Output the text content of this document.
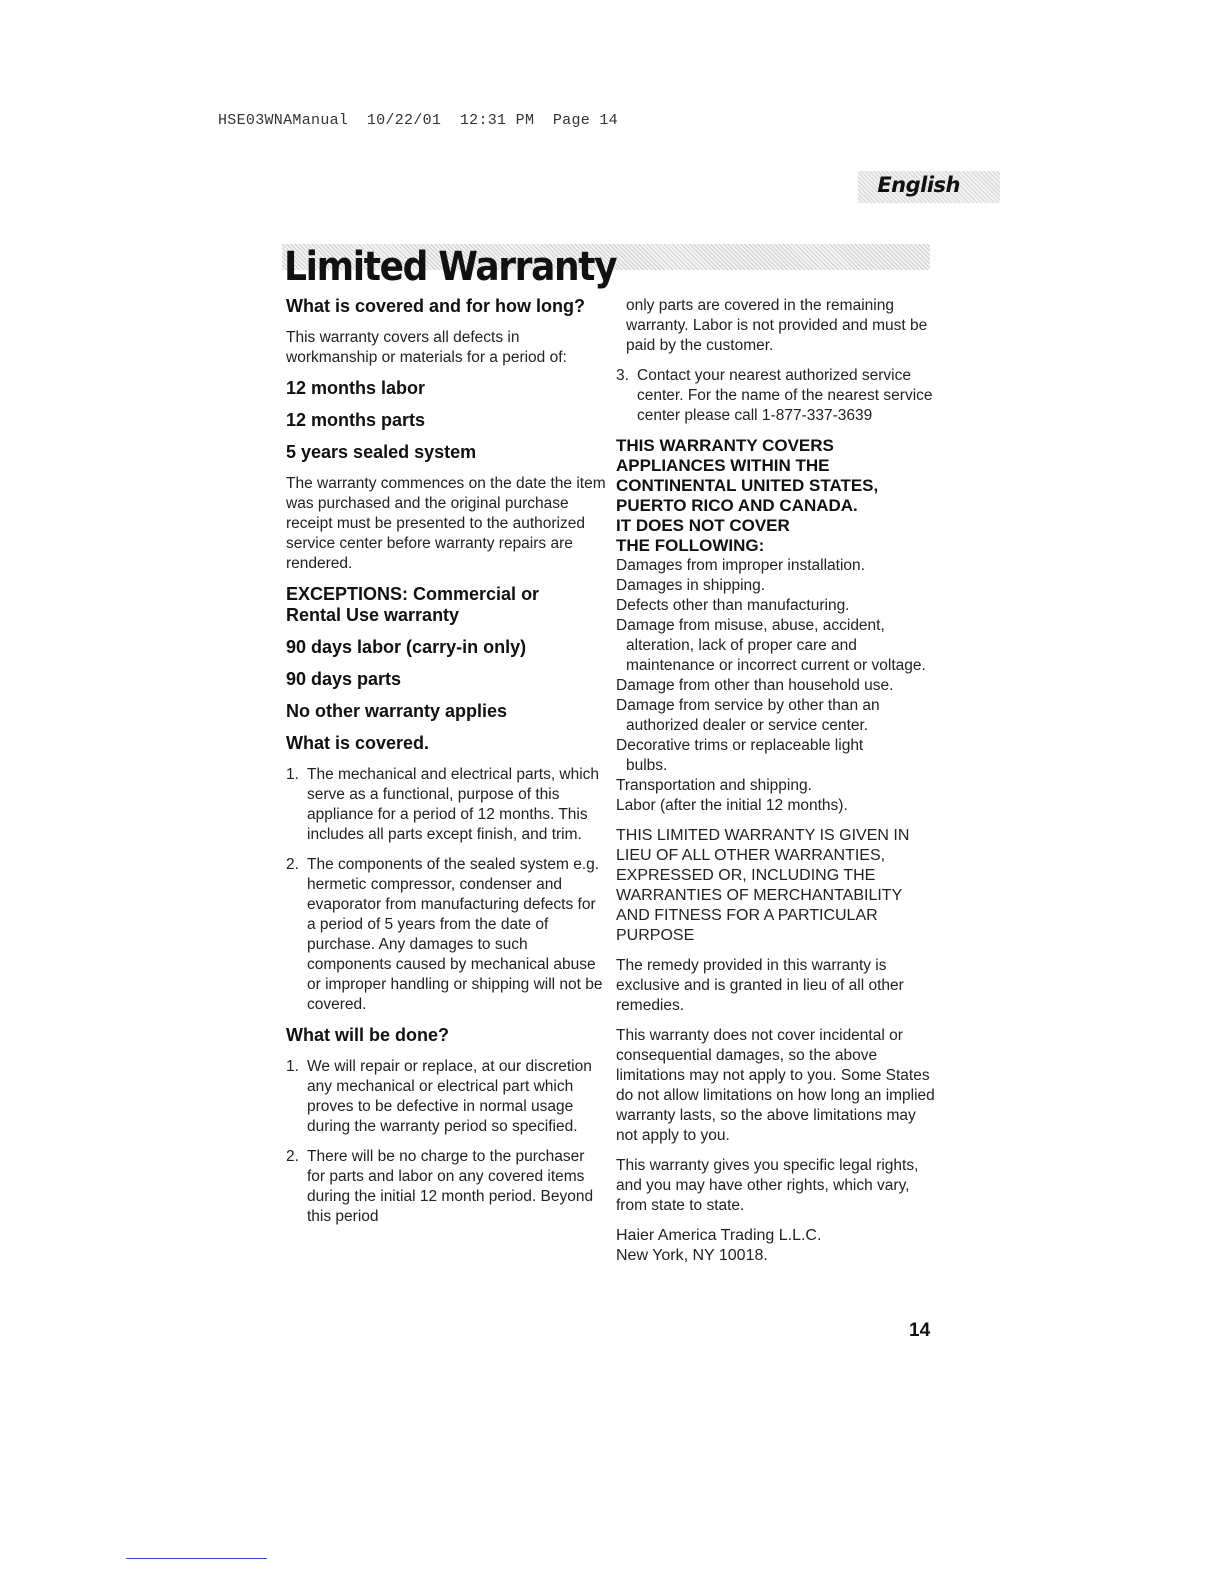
HSE03WNAManual  10/22/01  12:31 PM  Page 14
English
Limited Warranty
What is covered and for how long?
This warranty covers all defects in workmanship or materials for a period of:
12 months labor
12 months parts
5 years sealed system
The warranty commences on the date the item was purchased and the original purchase receipt must be presented to the authorized service center before warranty repairs are rendered.
EXCEPTIONS: Commercial or Rental Use warranty
90 days labor (carry-in only)
90 days parts
No other warranty applies
What is covered.
1. The mechanical and electrical parts, which serve as a functional, purpose of this appliance for a period of 12 months. This includes all parts except finish, and trim.
2. The components of the sealed system e.g. hermetic compressor, condenser and evaporator from manufacturing defects for a period of 5 years from the date of purchase. Any damages to such components caused by mechanical abuse or improper handling or shipping will not be covered.
What will be done?
1. We will repair or replace, at our discretion any mechanical or electrical part which proves to be defective in normal usage during the warranty period so specified.
2. There will be no charge to the purchaser for parts and labor on any covered items during the initial 12 month period. Beyond this period
only parts are covered in the remaining warranty. Labor is not provided and must be paid by the customer.
3. Contact your nearest authorized service center. For the name of the nearest service center please call 1-877-337-3639
THIS WARRANTY COVERS APPLIANCES WITHIN THE CONTINENTAL UNITED STATES, PUERTO RICO AND CANADA.
IT DOES NOT COVER THE FOLLOWING:
Damages from improper installation.
Damages in shipping.
Defects other than manufacturing.
Damage from misuse, abuse, accident, alteration, lack of proper care and maintenance or incorrect current or voltage.
Damage from other than household use.
Damage from service by other than an authorized dealer or service center.
Decorative trims or replaceable light bulbs.
Transportation and shipping.
Labor (after the initial 12 months).
THIS LIMITED WARRANTY IS GIVEN IN LIEU OF ALL OTHER WARRANTIES, EXPRESSED OR, INCLUDING THE WARRANTIES OF MERCHANTABILITY AND FITNESS FOR A PARTICULAR PURPOSE
The remedy provided in this warranty is exclusive and is granted in lieu of all other remedies.
This warranty does not cover incidental or consequential damages, so the above limitations may not apply to you. Some States do not allow limitations on how long an implied warranty lasts, so the above limitations may not apply to you.
This warranty gives you specific legal rights, and you may have other rights, which vary, from state to state.
Haier America Trading L.L.C.
New York, NY 10018.
14
